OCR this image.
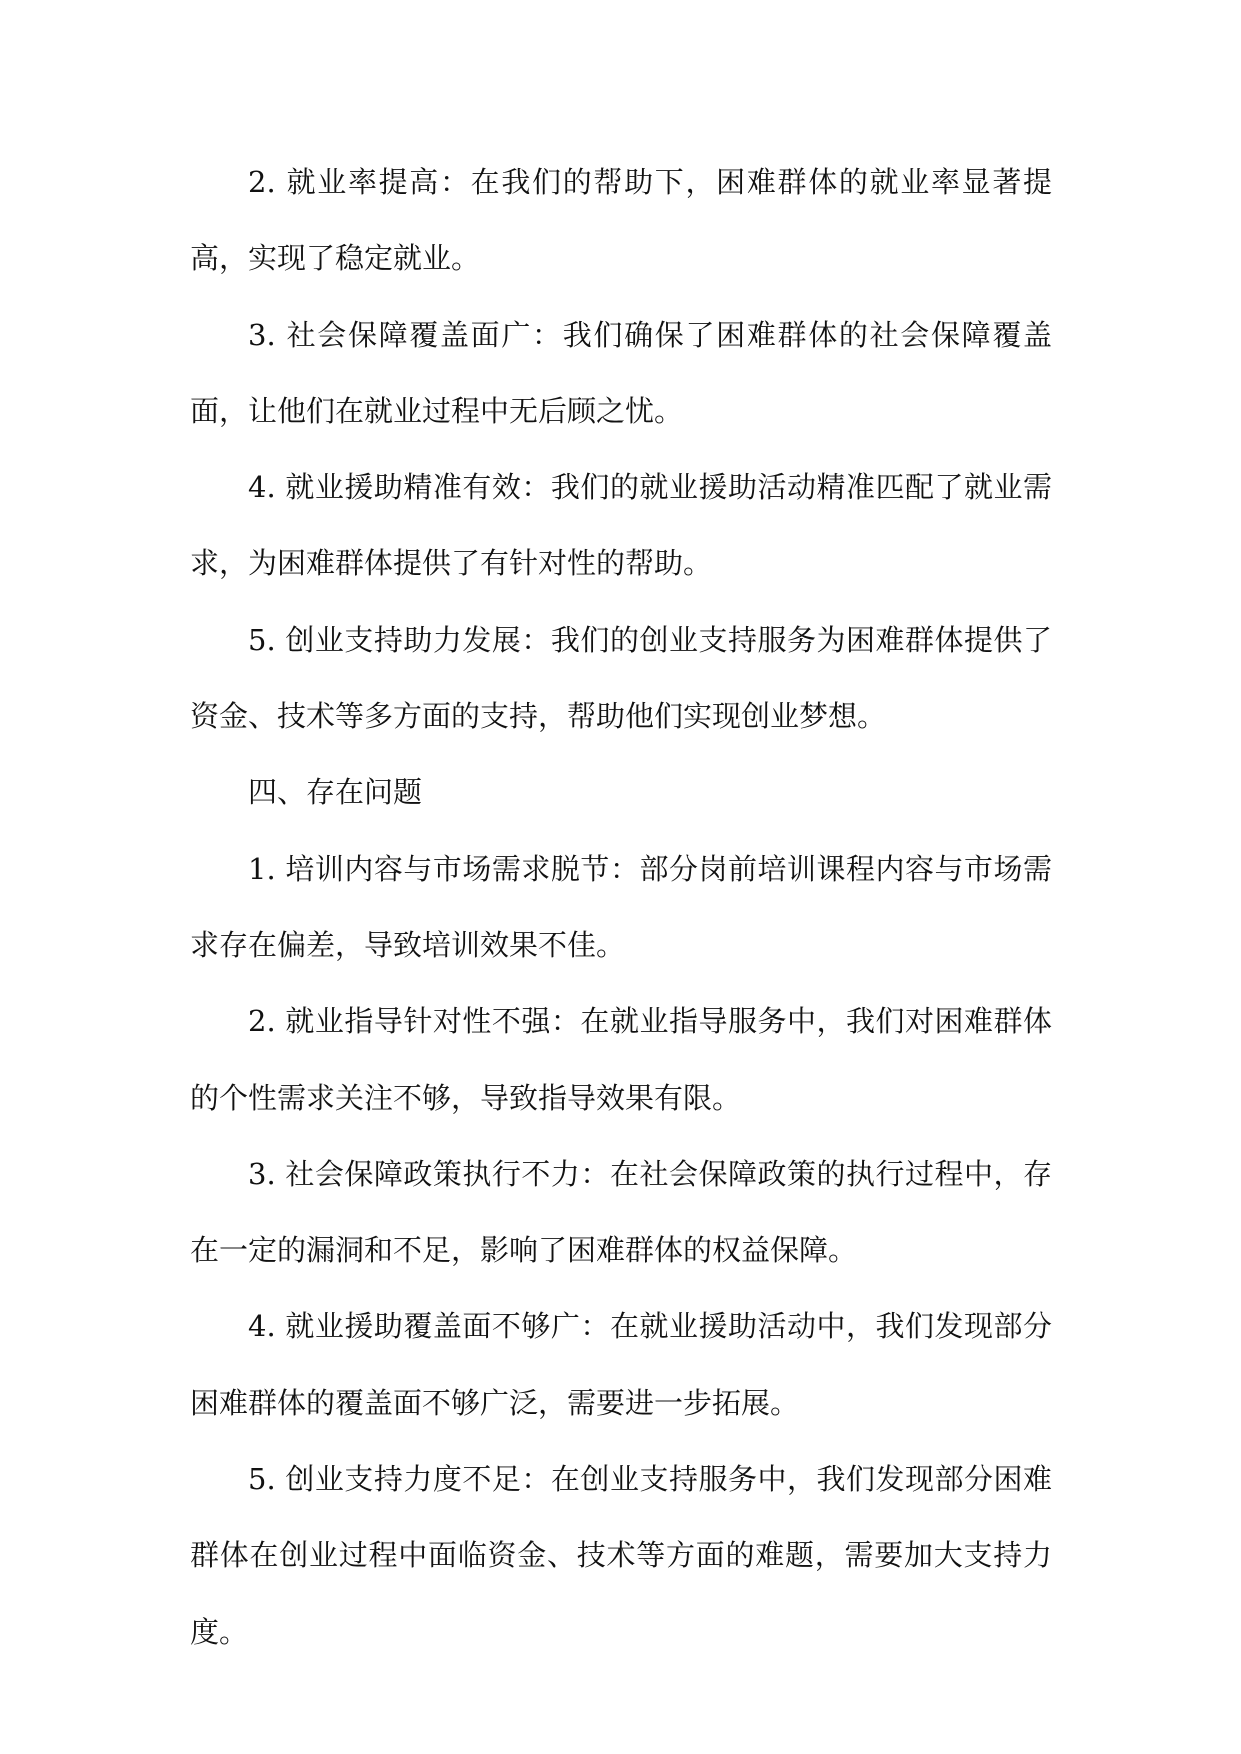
2. 就业率提高：在我们的帮助下，困难群体的就业率显著提高，实现了稳定就业。

3. 社会保障覆盖面广：我们确保了困难群体的社会保障覆盖面，让他们在就业过程中无后顾之忧。

4. 就业援助精准有效：我们的就业援助活动精准匹配了就业需求，为困难群体提供了有针对性的帮助。

5. 创业支持助力发展：我们的创业支持服务为困难群体提供了资金、技术等多方面的支持，帮助他们实现创业梦想。

四、存在问题

1. 培训内容与市场需求脱节：部分岗前培训课程内容与市场需求存在偏差，导致培训效果不佳。

2. 就业指导针对性不强：在就业指导服务中，我们对困难群体的个性需求关注不够，导致指导效果有限。

3. 社会保障政策执行不力：在社会保障政策的执行过程中，存在一定的漏洞和不足，影响了困难群体的权益保障。

4. 就业援助覆盖面不够广：在就业援助活动中，我们发现部分困难群体的覆盖面不够广泛，需要进一步拓展。

5. 创业支持力度不足：在创业支持服务中，我们发现部分困难群体在创业过程中面临资金、技术等方面的难题，需要加大支持力度。
